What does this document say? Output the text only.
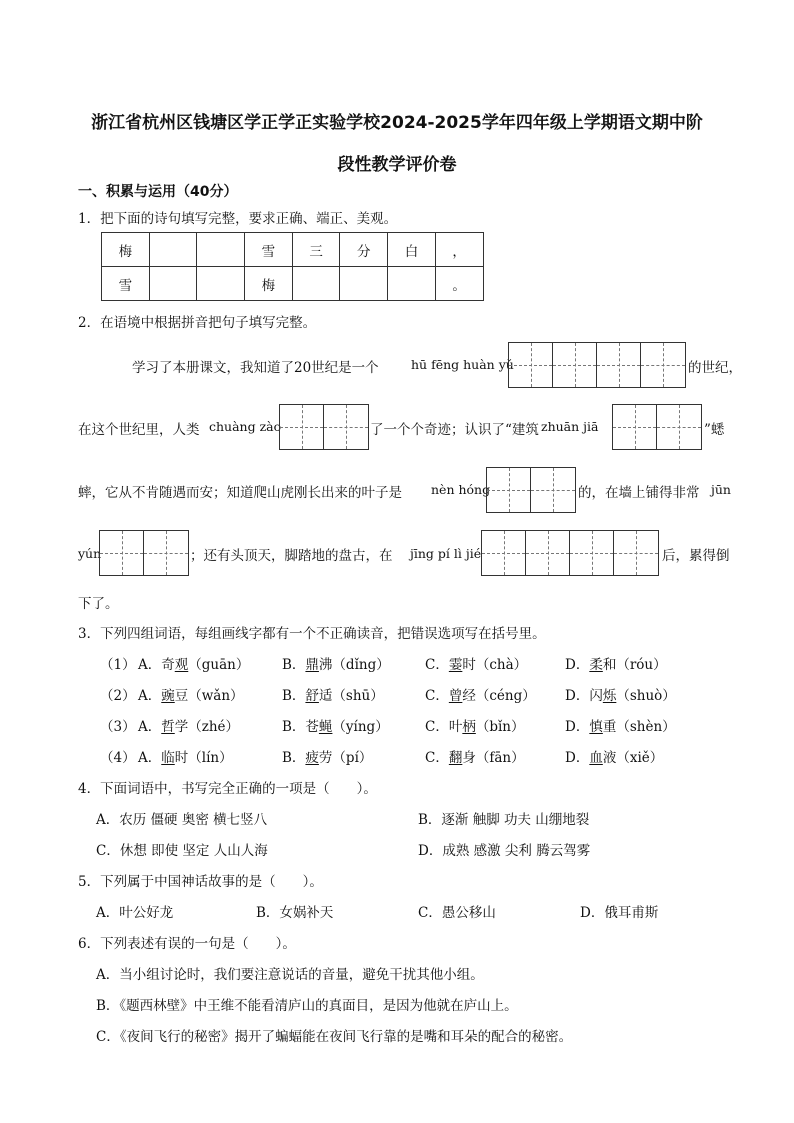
浙江省杭州区钱塘区学正学正实验学校2024-2025学年四年级上学期语文期中阶
段性教学评价卷
一、积累与运用（40分）
1．把下面的诗句填写完整，要求正确、端正、美观。
梅			雪	三	分	白	，
雪			梅				。
2．在语境中根据拼音把句子填写完整。
学习了本册课文，我知道了20世纪是一个	hū fēng huàn yǔ	的世纪，
在这个世纪里，人类 chuàng zào	了一个个奇迹；认识了“建筑 zhuān jiā	”蟋
蟀，它从不肯随遇而安；知道爬山虎刚长出来的叶子是 nèn hóng	的，在墙上铺得非常 jūn
yún	；还有头顶天，脚踏地的盘古，在 jīng pí lì jié	后，累得倒
下了。
3．下列四组词语，每组画线字都有一个不正确读音，把错误选项写在括号里。
（1） A．奇观（guān） B．鼎沸（dǐng）	C．霎时（chà）	D．柔和（róu）
（2） A．豌豆（wǎn）	B．舒适（shū）	C．曾经（céng） D．闪烁（shuò）
（3） A．哲学（zhé）	B．苍蝇（yíng）	C．叶柄（bǐn）	D．慎重（shèn）
（4） A．临时（lín）	B．疲劳（pí）	C．翻身（fān）	D．血液（xiě）
4．下面词语中，书写完全正确的一项是（　　）。
A．农历 僵硬 奥密 横七竖八	B．逐渐 触脚 功夫 山绷地裂
C．休想 即使 坚定 人山人海	D．成熟 感激 尖利 腾云驾雾
5．下列属于中国神话故事的是（　　）。
A．叶公好龙	B．女娲补天	C．愚公移山	D．俄耳甫斯
6．下列表述有误的一句是（　　）。
A．当小组讨论时，我们要注意说话的音量，避免干扰其他小组。
B．《题西林壁》中王维不能看清庐山的真面目，是因为他就在庐山上。
C．《夜间飞行的秘密》揭开了蝙蝠能在夜间飞行靠的是嘴和耳朵的配合的秘密。
